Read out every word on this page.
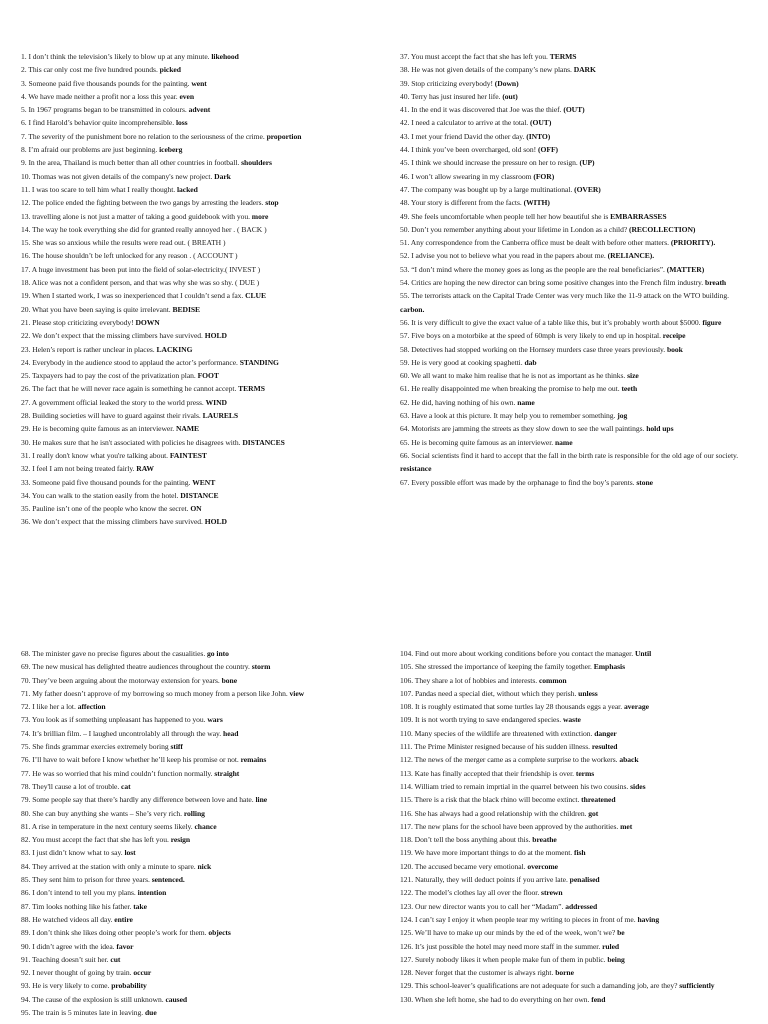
1. I don’t think the television’s likely to blow up at any minute. likehood
2. This car only cost me five hundred pounds. picked
3. Someone paid five thousands pounds for the painting. went
4. We have made neither a profit nor a loss this year. even
5. In 1967 programs began to be transmitted in colours. advent
6. I find Harold’s behavior quite incomprehensible. loss
7. The severity of the punishment bore no relation to the seriousness of the crime. proportion
8. I’m afraid our problems are just beginning. iceberg
9. In the area, Thailand is much better than all other countries in football. shoulders
10. Thomas was not given details of the company's new project. Dark
11. I was too scare to tell him what I really thought. lacked
12. The police ended the fighting between the two gangs by arresting the leaders. stop
13. travelling alone is not just a matter of taking a good guidebook with you. more
14. The way he took everything she did for granted really annoyed her . ( BACK )
15. She was so anxious while the results were read out. ( BREATH )
16. The house shouldn’t be left unlocked for any reason . ( ACCOUNT )
17. A huge investment has been put into the field of solar-electricity.( INVEST )
18. Alice was not a confident person, and that was why she was so shy. ( DUE )
19. When I started work, I was so inexperienced that I couldn’t send a fax. CLUE
20. What you have been saying is quite irrelevant. BEDISE
21. Please stop criticizing everybody! DOWN
22. We don’t expect that the missing climbers have survived. HOLD
23. Helen’s report is rather unclear in places. LACKING
24. Everybody in the audience stood to applaud the actor’s performance. STANDING
25. Taxpayers had to pay the cost of the privatization plan. FOOT
26. The fact that he will never race again is something he cannot accept. TERMS
27. A government official leaked the story to the world press. WIND
28. Building societies will have to guard against their rivals. LAURELS
29. He is becoming quite famous as an interviewer. NAME
30. He makes sure that he isn't associated with policies he disagrees with. DISTANCES
31. I really don't know what you're talking about. FAINTEST
32. I feel I am not being treated fairly. RAW
33. Someone paid five thousand pounds for the painting. WENT
34. You can walk to the station easily from the hotel. DISTANCE
35. Pauline isn’t one of the people who know the secret. ON
36. We don’t expect that the missing climbers have survived. HOLD
37. You must accept the fact that she has left you. TERMS
38. He was not given details of the company’s new plans. DARK
39. Stop criticizing everybody! (Down)
40. Terry has just insured her life. (out)
41. In the end it was discovered that Joe was the thief. (OUT)
42. I need a calculator to arrive at the total. (OUT)
43. I met your friend David the other day. (INTO)
44. I think you’ve been overcharged, old son! (OFF)
45. I think we should increase the pressure on her to resign. (UP)
46. I won’t allow swearing in my classroom (FOR)
47. The company was bought up by a large multinational. (OVER)
48. Your story is different from the facts. (WITH)
49. She feels uncomfortable when people tell her how beautiful she is EMBARRASSES
50. Don’t you remember anything about your lifetime in London as a child? (RECOLLECTION)
51. Any correspondence from the Canberra office must be dealt with before other matters. (PRIORITY).
52. I advise you not to believe what you read in the papers about me. (RELIANCE).
53. “I don’t mind where the money goes as long as the people are the real beneficiaries”. (MATTER)
54. Critics are hoping the new director can bring some positive changes into the French film industry. breath
55. The terrorists attack on the Capital Trade Center was very much like the 11-9 attack on the WTO building. carbon.
56. It is very difficult to give the exact value of a table like this, but it’s probably worth about $5000. figure
57. Five boys on a motorbike at the speed of 60mph is very likely to end up in hospital. receipe
58. Detectives had stopped working on the Hornsey murders case three years previously. book
59. He is very good at cooking spaghetti. dab
60. We all want to make him realise that he is not as important as he thinks. size
61. He really disappointed me when breaking the promise to help me out. teeth
62. He did, having nothing of his own. name
63. Have a look at this picture. It may help you to remember something. jog
64. Motorists are jamming the streets as they slow down to see the wall paintings. hold ups
65. He is becoming quite famous as an interviewer. name
66. Social scientists find it hard to accept that the fall in the birth rate is responsible for the old age of our society. resistance
67. Every possible effort was made by the orphanage to find the boy’s parents. stone
68. The minister gave no precise figures about the casualities. go into
69. The new musical has delighted theatre audiences throughout the country. storm
70. They’ve been arguing about the motorway extension for years. bone
71. My father doesn’t approve of my borrowing so much money from a person like John. view
72. I like her a lot. affection
73. You look as if something unpleasant has happened to you. wars
74. It’s brillian film. – I laughed uncontrolably all through the way. head
75. She finds grammar exercies extremely boring stiff
76. I’ll have to wait before I know whether he’ll keep his promise or not. remains
77. He was so worried that his mind couldn’t function normally. straight
78. They'll cause a lot of trouble. cat
79. Some people say that there’s hardly any difference between love and hate. line
80. She can buy anything she wants – She’s very rich. rolling
81. A rise in temperature in the next century seems likely. chance
82. You must accept the fact that she has left you. resign
83. I just didn’t know what to say. lost
84. They arrived at the station with only a minute to spare. nick
85. They sent him to prison for three years. sentenced.
86. I don’t intend to tell you my plans. intention
87. Tim looks nothing like his father. take
88. He watched videos all day. entire
89. I don’t think she likes doing other people’s work for them. objects
90. I didn’t agree with the idea. favor
91. Teaching doesn’t suit her. cut
92. I never thought of going by train. occur
93. He is very likely to come. probability
94. The cause of the explosion is still unknown. caused
95. The train is 5 minutes late in leaving. due
104. Find out more about working conditions before you contact the manager. Until
105. She stressed the importance of keeping the family together. Emphasis
106. They share a lot of hobbies and interests. common
107. Pandas need a special diet, without which they perish. unless
108. It is roughly estimated that some turtles lay 28 thousands eggs a year. average
109. It is not worth trying to save endangered species. waste
110. Many species of the wildlife are threatened with extinction. danger
111. The Prime Minister resigned because of his sudden illness. resulted
112. The news of the merger came as a complete surprise to the workers. aback
113. Kate has finally accepted that their friendship is over. terms
114. William tried to remain imprtial in the quarrel between his two cousins. sides
115. There is a risk that the black rhino will become extinct. threatened
116. She has always had a good relationship with the children. got
117. The new plans for the school have been approved by the authorities. met
118. Don’t tell the boss anything about this. breathe
119. We have more important things to do at the moment. fish
120. The accused became very emotional. overcome
121. Naturally, they will deduct points if you arrive late. penalised
122. The model’s clothes lay all over the floor. strewn
123. Our new director wants you to call her “Madam”. addressed
124. I can’t say I enjoy it when people tear my writing to pieces in front of me. having
125. We’ll have to make up our minds by the ed of the week, won’t we? be
126. It’s just possible the hotel may need more staff in the summer. ruled
127. Surely nobody likes it when people make fun of them in public. being
128. Never forget that the customer is always right. borne
129. This school-leaver’s qualifications are not adequate for such a damanding job, are they? sufficiently
130. When she left home, she had to do everything on her own. fend
